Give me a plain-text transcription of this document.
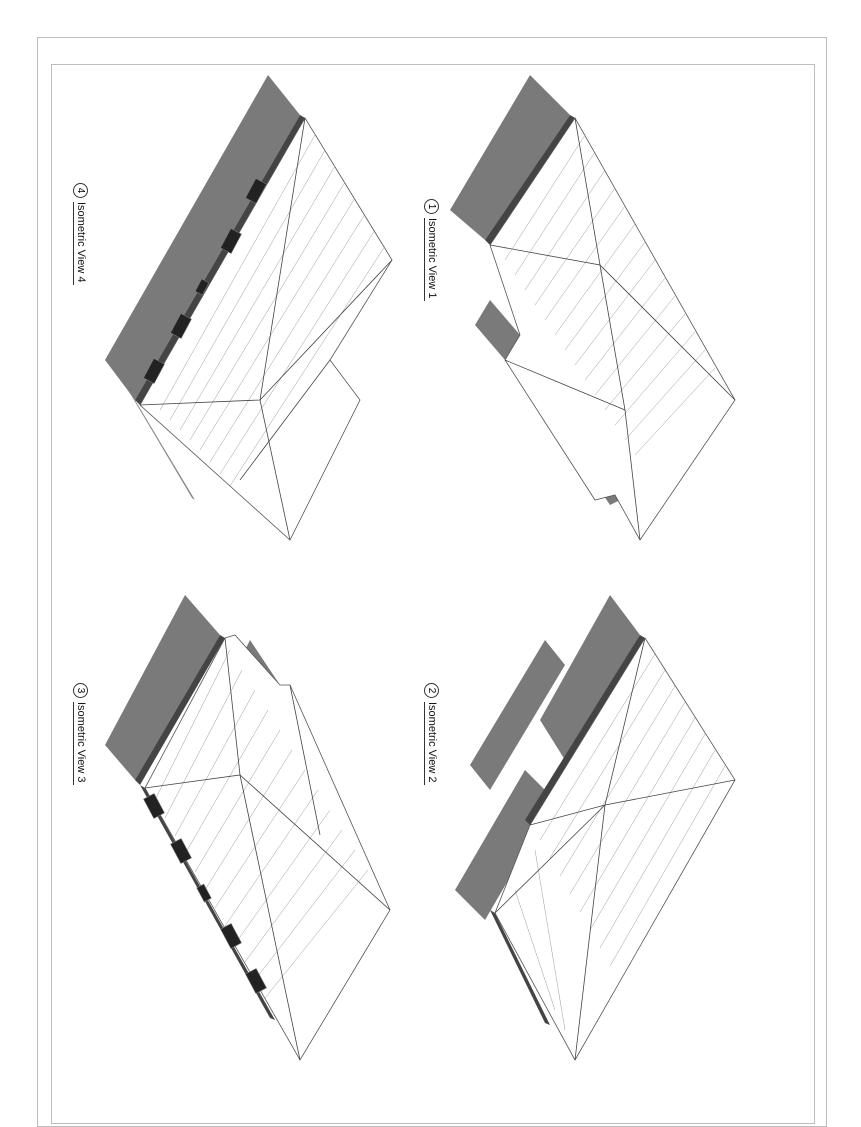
4
Isometric View 4	1
Isometric View 1
3
Isometric View 3
2
Isometric View 2
